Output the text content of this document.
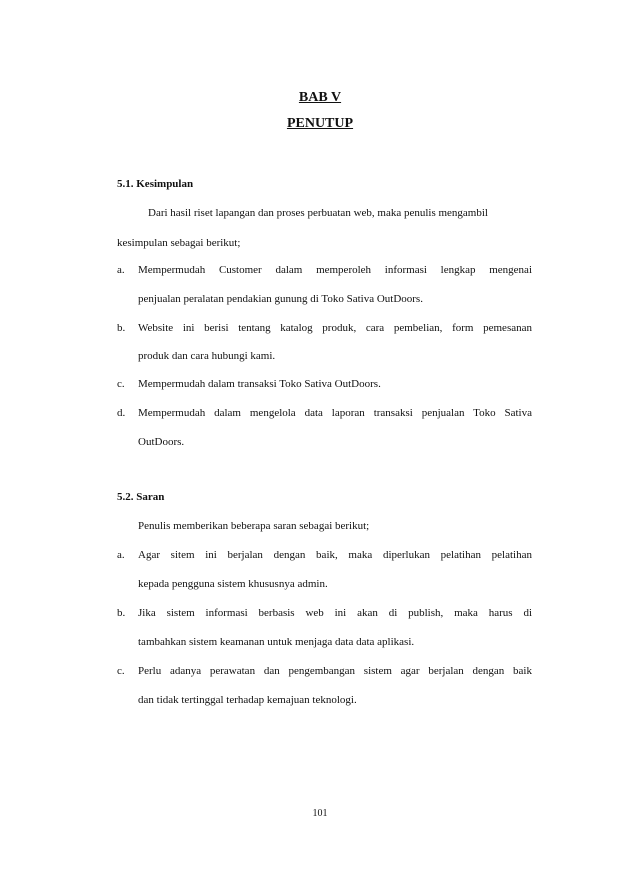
BAB V
PENUTUP
5.1. Kesimpulan
Dari hasil riset lapangan dan proses perbuatan web, maka penulis mengambil
kesimpulan sebagai berikut;
a. Mempermudah Customer dalam memperoleh informasi lengkap mengenai
penjualan peralatan pendakian gunung di Toko Sativa OutDoors.
b. Website ini berisi tentang katalog produk, cara pembelian, form pemesanan
produk dan cara hubungi kami.
c. Mempermudah dalam transaksi Toko Sativa OutDoors.
d. Mempermudah dalam mengelola data laporan transaksi penjualan Toko Sativa
OutDoors.
5.2. Saran
Penulis memberikan beberapa saran sebagai berikut;
a. Agar sitem ini berjalan dengan baik, maka diperlukan pelatihan pelatihan
kepada pengguna sistem khususnya admin.
b. Jika sistem informasi berbasis web ini akan di publish, maka harus di
tambahkan sistem keamanan untuk menjaga data data aplikasi.
c. Perlu adanya perawatan dan pengembangan sistem agar berjalan dengan baik
dan tidak tertinggal terhadap kemajuan teknologi.
101
